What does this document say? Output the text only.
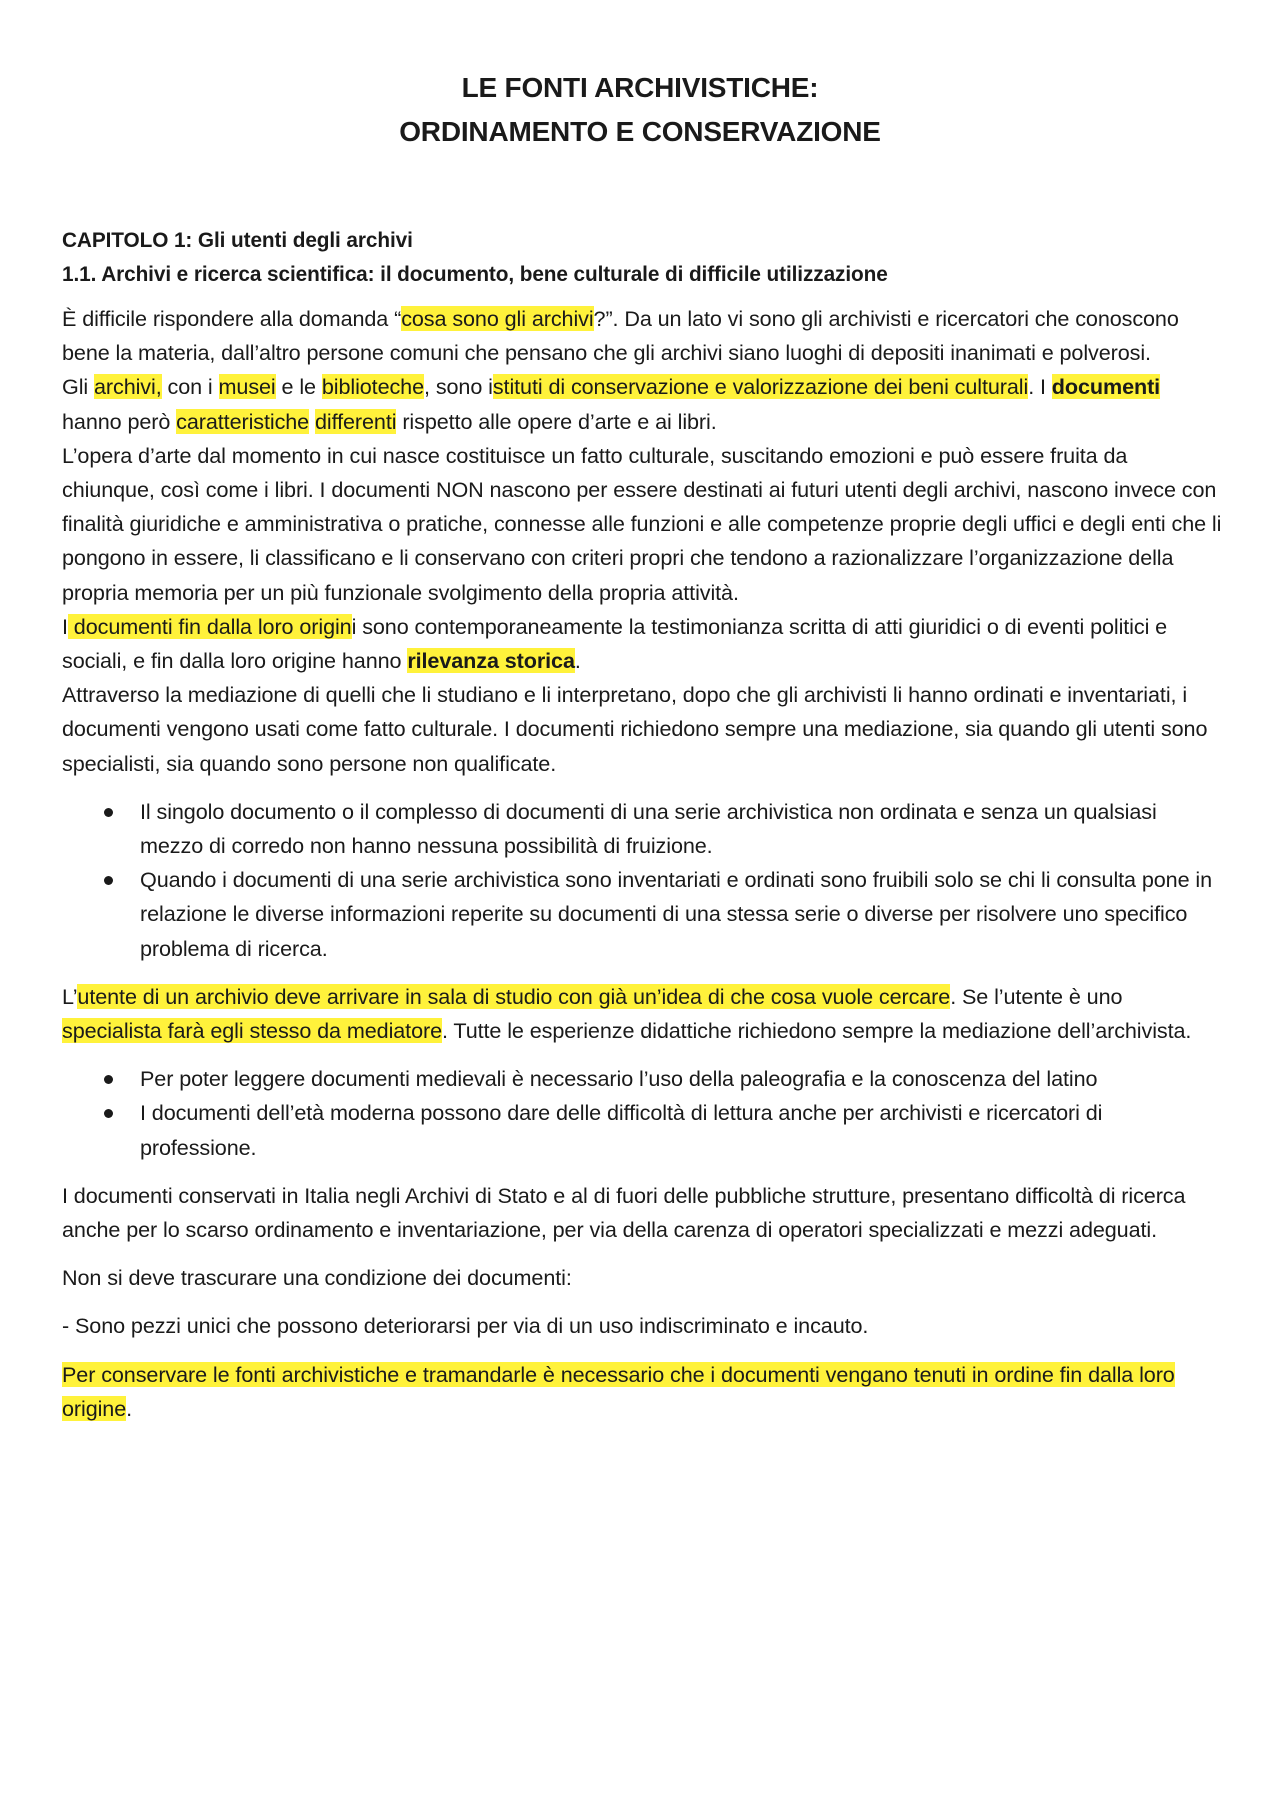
LE FONTI ARCHIVISTICHE:
ORDINAMENTO E CONSERVAZIONE
CAPITOLO 1: Gli utenti degli archivi
1.1. Archivi e ricerca scientifica: il documento, bene culturale di difficile utilizzazione

È difficile rispondere alla domanda “cosa sono gli archivi?”. Da un lato vi sono gli archivisti e ricercatori che conoscono bene la materia, dall’altro persone comuni che pensano che gli archivi siano luoghi di depositi inanimati e polverosi.

Gli archivi, con i musei e le biblioteche, sono istituti di conservazione e valorizzazione dei beni culturali. I documenti hanno però caratteristiche differenti rispetto alle opere d’arte e ai libri.

L’opera d’arte dal momento in cui nasce costituisce un fatto culturale, suscitando emozioni e può essere fruita da chiunque, così come i libri. I documenti NON nascono per essere destinati ai futuri utenti degli archivi, nascono invece con finalità giuridiche e amministrativa o pratiche, connesse alle funzioni e alle competenze proprie degli uffici e degli enti che li pongono in essere, li classificano e li conservano con criteri propri che tendono a razionalizzare l’organizzazione della propria memoria per un più funzionale svolgimento della propria attività.

I documenti fin dalla loro origini sono contemporaneamente la testimonianza scritta di atti giuridici o di eventi politici e sociali, e fin dalla loro origine hanno rilevanza storica.

Attraverso la mediazione di quelli che li studiano e li interpretano, dopo che gli archivisti li hanno ordinati e inventariati, i documenti vengono usati come fatto culturale. I documenti richiedono sempre una mediazione, sia quando gli utenti sono specialisti, sia quando sono persone non qualificate.

Il singolo documento o il complesso di documenti di una serie archivistica non ordinata e senza un qualsiasi mezzo di corredo non hanno nessuna possibilità di fruizione.
Quando i documenti di una serie archivistica sono inventariati e ordinati sono fruibili solo se chi li consulta pone in relazione le diverse informazioni reperite su documenti di una stessa serie o diverse per risolvere uno specifico problema di ricerca.

L’utente di un archivio deve arrivare in sala di studio con già un’idea di che cosa vuole cercare. Se l’utente è uno specialista farà egli stesso da mediatore. Tutte le esperienze didattiche richiedono sempre la mediazione dell’archivista.

Per poter leggere documenti medievali è necessario l’uso della paleografia e la conoscenza del latino
I documenti dell’età moderna possono dare delle difficoltà di lettura anche per archivisti e ricercatori di professione.

I documenti conservati in Italia negli Archivi di Stato e al di fuori delle pubbliche strutture, presentano difficoltà di ricerca anche per lo scarso ordinamento e inventariazione, per via della carenza di operatori specializzati e mezzi adeguati.

Non si deve trascurare una condizione dei documenti:

- Sono pezzi unici che possono deteriorarsi per via di un uso indiscriminato e incauto.

Per conservare le fonti archivistiche e tramandarle è necessario che i documenti vengano tenuti in ordine fin dalla loro origine.
